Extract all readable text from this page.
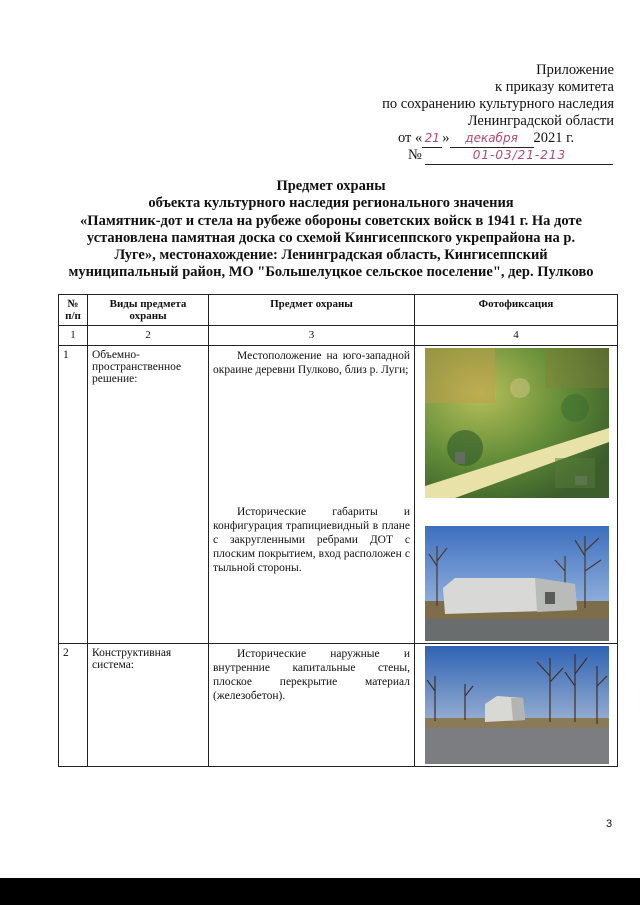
Приложение
к приказу комитета
по сохранению культурного наследия
Ленинградской области
от « 21 » декабря 2021 г.
№	01-03/21-213
Предмет охраны
объекта культурного наследия регионального значения
«Памятник-дот и стела на рубеже обороны советских войск в 1941 г. На доте
установлена памятная доска со схемой Кингисеппского укрепрайона на р.
Луге», местонахождение: Ленинградская область, Кингисеппский
муниципальный район, МО "Большелуцкое сельское поселение", дер. Пулково
№ п/п	Виды предмета охраны	Предмет охраны	Фотофиксация
1	2	3	4
1	Объемно-пространственное решение:	Местоположение на юго-западной окраине деревни Пулково, близ р. Луги;

Исторические габариты и конфигурация трапициевидный в плане с закругленными ребрами ДОТ с плоским покрытием, вход расположен с тыльной стороны.

2	Конструктивная система:	Исторические наружные и внутренние капитальные стены, плоское перекрытие материал (железобетон).

3
